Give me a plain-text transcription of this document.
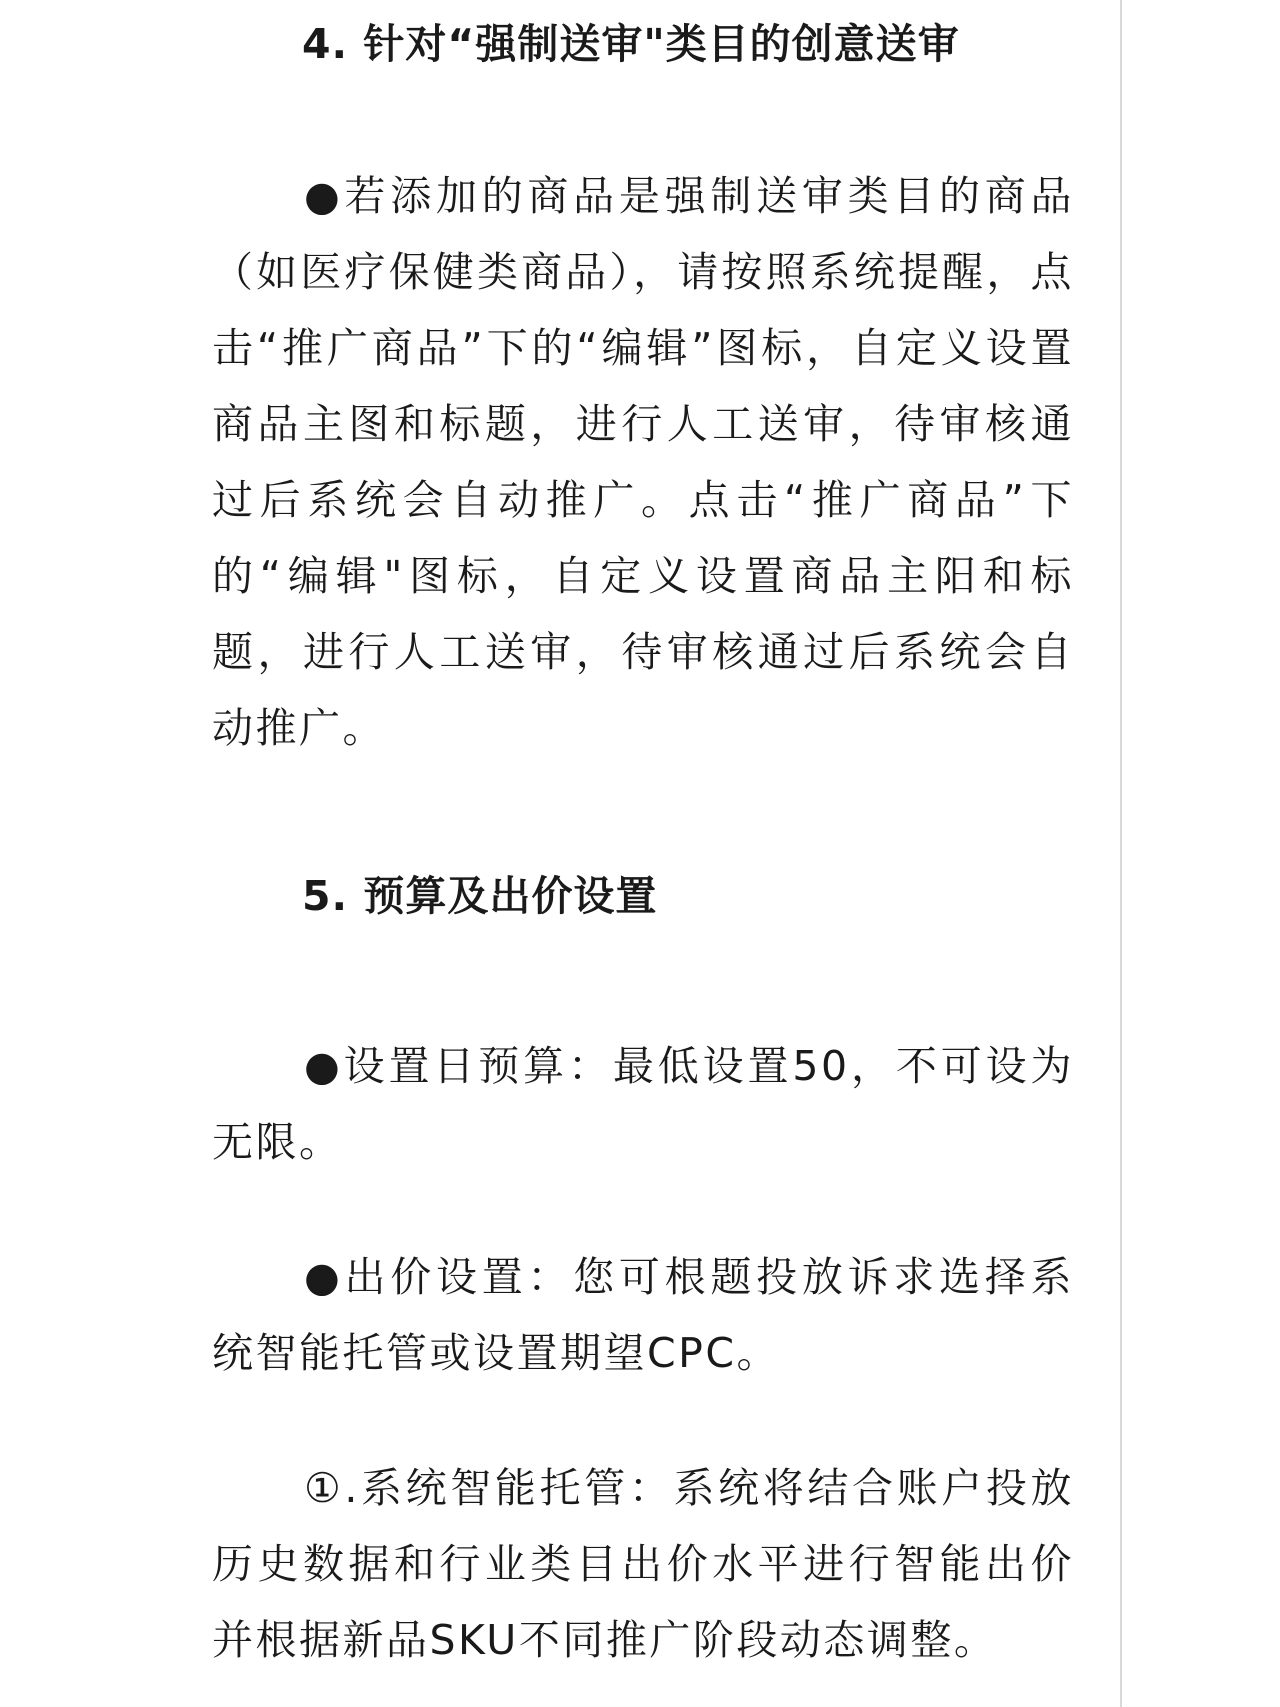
4. 针对“强制送审"类目的创意送审

●若添加的商品是强制送审类目的商品（如医疗保健类商品），请按照系统提醒，点击“推广商品”下的“编辑”图标，自定义设置商品主图和标题，进行人工送审，待审核通过后系统会自动推广。点击“推广商品”下的“编辑"图标，自定义设置商品主阳和标题，进行人工送审，待审核通过后系统会自动推广。

5. 预算及出价设置

●设置日预算：最低设置50，不可设为无限。

●出价设置：您可根题投放诉求选择系统智能托管或设置期望CPC。

①.系统智能托管：系统将结合账户投放历史数据和行业类目出价水平进行智能出价并根据新品SKU不同推广阶段动态调整。
